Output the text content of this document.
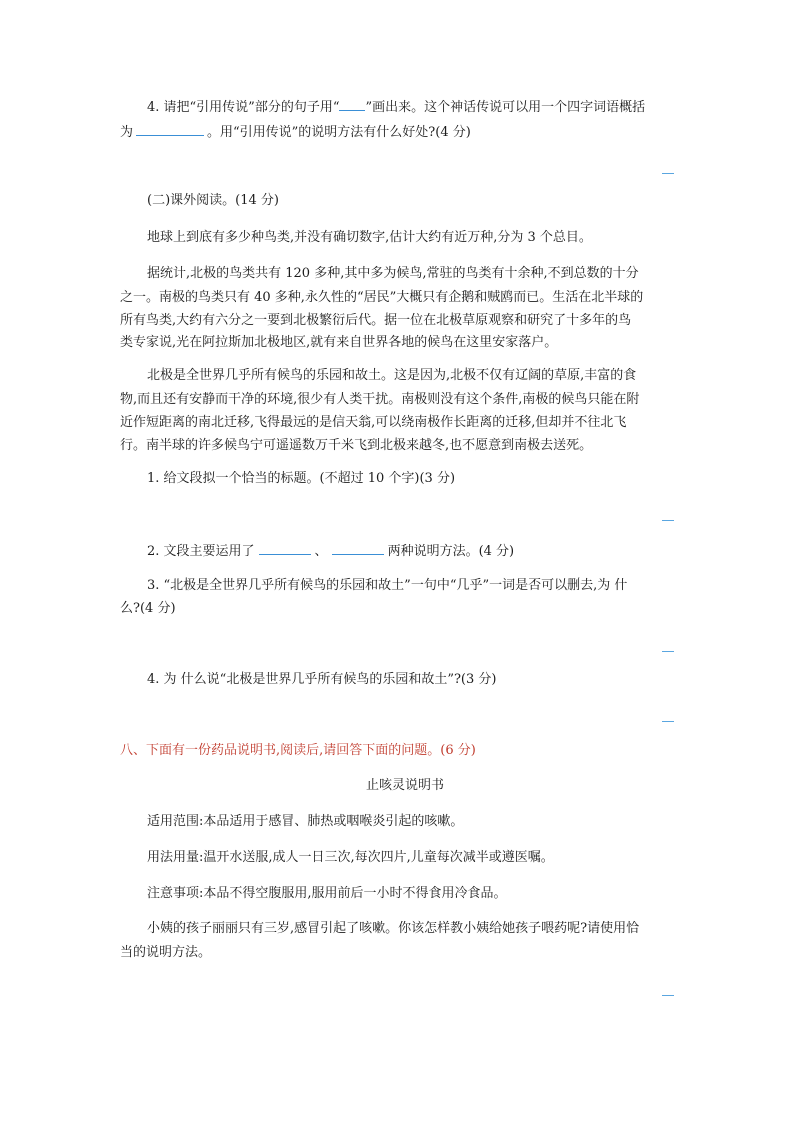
4. 请把“引用传说”部分的句子用“ ”画出来。这个神话传说可以用一个四字词语概括
为	。用“引用传说”的说明方法有什么好处?(4 分)
(二)课外阅读。(14 分)
地球上到底有多少种鸟类,并没有确切数字,估计大约有近万种,分为 3 个总目。
据统计,北极的鸟类共有 120 多种,其中多为候鸟,常驻的鸟类有十余种,不到总数的十分
之一。南极的鸟类只有 40 多种,永久性的“居民”大概只有企鹅和贼鸥而已。生活在北半球的
所有鸟类,大约有六分之一要到北极繁衍后代。据一位在北极草原观察和研究了十多年的鸟
类专家说,光在阿拉斯加北极地区,就有来自世界各地的候鸟在这里安家落户。
北极是全世界几乎所有候鸟的乐园和故土。这是因为,北极不仅有辽阔的草原,丰富的食
物,而且还有安静而干净的环境,很少有人类干扰。南极则没有这个条件,南极的候鸟只能在附
近作短距离的南北迁移,飞得最远的是信天翁,可以绕南极作长距离的迁移,但却并不往北飞
行。南半球的许多候鸟宁可遥遥数万千米飞到北极来越冬,也不愿意到南极去送死。
1. 给文段拟一个恰当的标题。(不超过 10 个字)(3 分)
2. 文段主要运用了	、	两种说明方法。(4 分)
3. “北极是全世界几乎所有候鸟的乐园和故土”一句中“几乎”一词是否可以删去,为 什
么?(4 分)
4. 为 什么说“北极是世界几乎所有候鸟的乐园和故土”?(3 分)
八、下面有一份药品说明书,阅读后,请回答下面的问题。(6 分)
止咳灵说明书
适用范围:本品适用于感冒、肺热或咽喉炎引起的咳嗽。
用法用量:温开水送服,成人一日三次,每次四片,儿童每次减半或遵医嘱。
注意事项:本品不得空腹服用,服用前后一小时不得食用冷食品。
小姨的孩子丽丽只有三岁,感冒引起了咳嗽。你该怎样教小姨给她孩子喂药呢?请使用恰
当的说明方法。
